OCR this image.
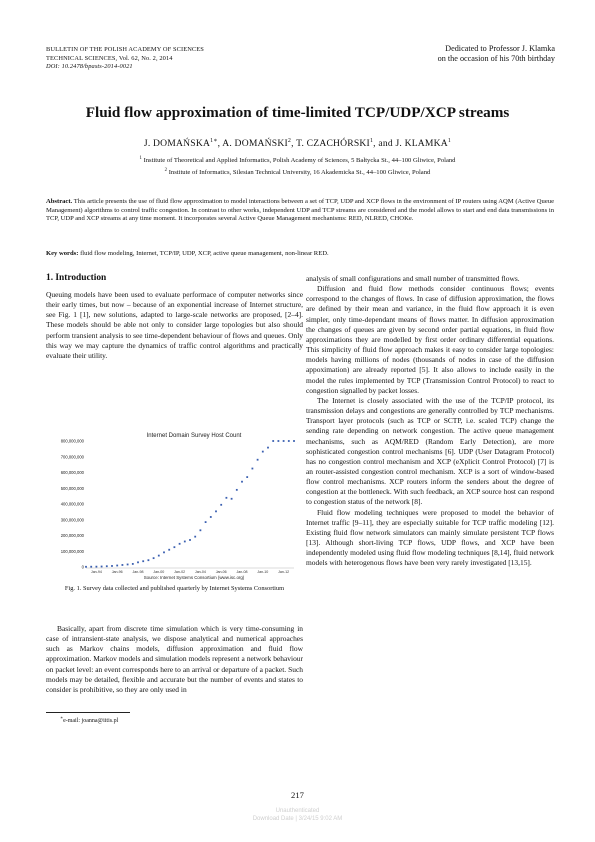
BULLETIN OF THE POLISH ACADEMY OF SCIENCES
TECHNICAL SCIENCES, Vol. 62, No. 2, 2014
DOI: 10.2478/bpasts-2014-0021
Dedicated to Professor J. Klamka
on the occasion of his 70th birthday
Fluid flow approximation of time-limited TCP/UDP/XCP streams
J. $DOMAŃSKA^{1∗}$, A. DOMAŃSKI$^2$, T. CZACHÓRSKI$^1$, and J. KLAMKA$^1$
$^1$ Institute of Theoretical and Applied Informatics, Polish Academy of Sciences, 5 Bałtycka St., 44–100 Gliwice, Poland
$^2$ Institute of Informatics, Silesian Technical University, 16 Akademicka St., 44–100 Gliwice, Poland
Abstract. This article presents the use of fluid flow approximation to model interactions between a set of TCP, UDP and XCP flows in the environment of IP routers using AQM (Active Queue Management) algorithms to control traffic congestion. In contrast to other works, independent UDP and TCP streams are considered and the model allows to start and end data transmissions in TCP, UDP and XCP streams at any time moment. It incorporates several Active Queue Management mechanisms: RED, NLRED, CHOKe.
Key words: fluid flow modeling, Internet, TCP/IP, UDP, XCP, active queue management, non-linear RED.
1. Introduction

Queuing models have been used to evaluate performace of computer networks since their early times, but now – because of an exponential increase of Internet structure, see Fig. 1 [1], new solutions, adapted to large-scale networks are proposed, [2–4]. These models should be able not only to consider large topologies but also should perform transient analysis to see time-dependent behaviour of flows and queues. Only this way we may capture the dynamics of traffic control algorithms and practically evaluate their utility.

Internet Domain Survey Host Count
0
100,000,000
200,000,000
300,000,000
400,000,000
500,000,000
600,000,000
700,000,000
800,000,000
Jan-94	Jan-96	Jan-98	Jan-00	Jan-02	Jan-04	Jan-06	Jan-08	Jan-10	Jan-12
Source: Internet Systems Consortium (www.isc.org)
Fig. 1. Survey data collected and published quarterly by Internet Systems Consortium

Basically, apart from discrete time simulation which is very time-consuming in case of intransient-state analysis, we dispose analytical and numerical approaches such as Markov chains models, diffusion approximation and fluid flow approximation. Markov models and simulation models represent a network behaviour on packet level: an event corresponds here to an arrival or departure of a packet. Such models may be detailed, flexible and accurate but the number of events and states to consider is prohibitive, so they are only used in

analysis of small configurations and small number of transmitted flows.

Diffusion and fluid flow methods consider continuous flows; events correspond to the changes of flows. In case of diffusion approximation, the flows are defined by their mean and variance, in the fluid flow approach it is even simpler, only time-dependant means of flows matter. In diffusion approximation the changes of queues are given by second order partial equations, in fluid flow approximations they are modelled by first order ordinary differential equations. This simplicity of fluid flow approach makes it easy to consider large topologies: models having millions of nodes (thousands of nodes in case of the diffusion appoximation) are already reported [5]. It also allows to include easily in the model the rules implemented by TCP (Transmission Control Protocol) to react to congestion signalled by packet losses.

The Internet is closely associated with the use of the TCP/IP protocol, its transmission delays and congestions are generally controlled by TCP mechanisms. Transport layer protocols (such as TCP or SCTP, i.e. scaled TCP) change the sending rate depending on network congestion. The active queue management mechanisms, such as AQM/RED (Random Early Detection), are more sophisticated congestion control mechanisms [6]. UDP (User Datagram Protocol) has no congestion control mechanism and XCP (eXplicit Control Protocol) [7] is an router-assisted congestion control mechanism. XCP is a sort of window-based flow control mechanisms. XCP routers inform the senders about the degree of congestion at the bottleneck. With such feedback, an XCP source host can respond to congestion status of the network [8].

Fluid flow modeling techniques were proposed to model the behavior of Internet traffic [9–11], they are especially suitable for TCP traffic modeling [12]. Existing fluid flow network simulators can mainly simulate persistent TCP flows [13]. Although short-living TCP flows, UDP flows, and XCP have been independently modeled using fluid flow modeling techniques [8,14], fluid network models with heterogenous flows have been very rarely investigated [13,15].

∗e-mail: joanna@iitis.pl
217
Unauthenticated
Download Date | 3/24/15 9:02 AM
